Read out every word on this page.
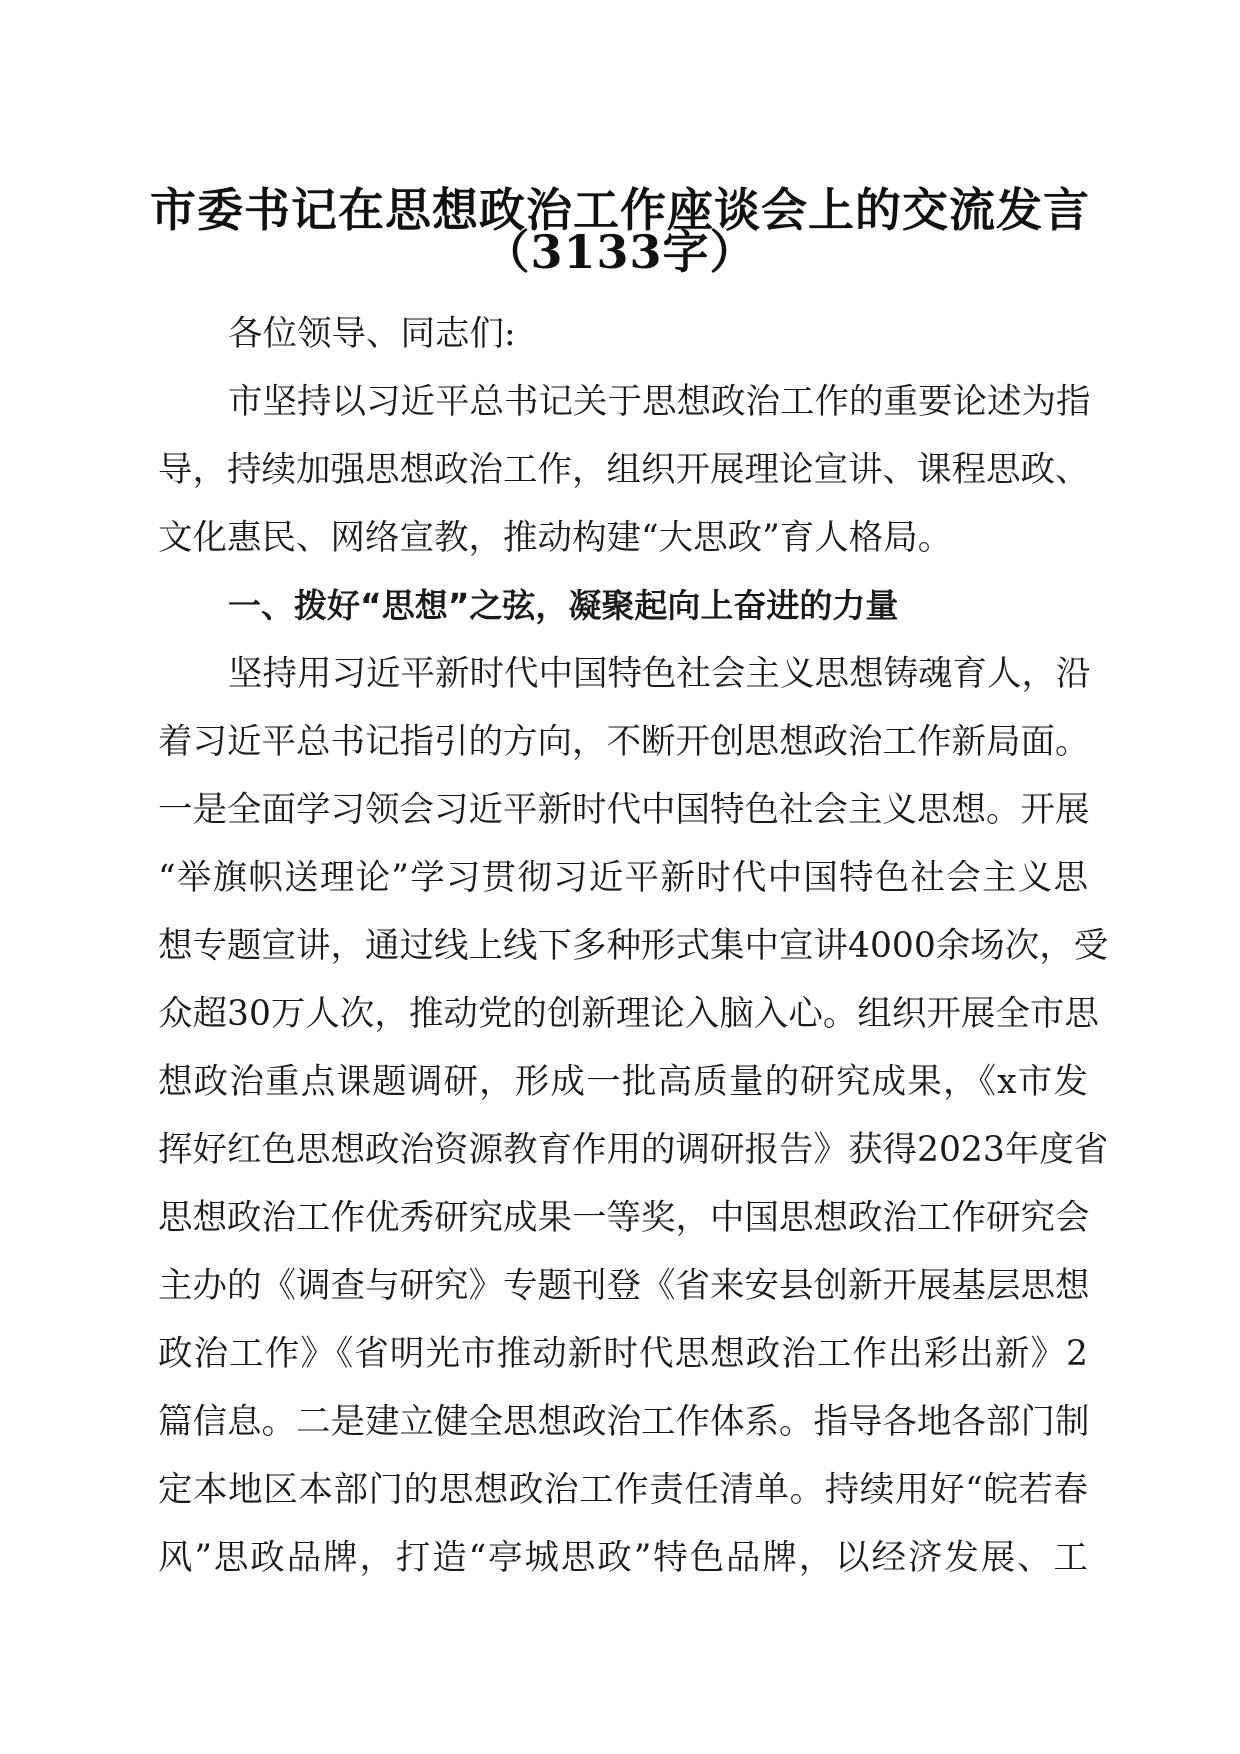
市委书记在思想政治工作座谈会上的交流发言
（3133字）
各位领导、同志们:
市坚持以习近平总书记关于思想政治工作的重要论述为指
导，持续加强思想政治工作，组织开展理论宣讲、课程思政、
文化惠民、网络宣教，推动构建“大思政”育人格局。
一、拨好“思想”之弦，凝聚起向上奋进的力量
坚持用习近平新时代中国特色社会主义思想铸魂育人，沿
着习近平总书记指引的方向，不断开创思想政治工作新局面。
一是全面学习领会习近平新时代中国特色社会主义思想。开展
“举旗帜送理论”学习贯彻习近平新时代中国特色社会主义思
想专题宣讲，通过线上线下多种形式集中宣讲4000余场次，受
众超30万人次，推动党的创新理论入脑入心。组织开展全市思
想政治重点课题调研，形成一批高质量的研究成果，《x市发
挥好红色思想政治资源教育作用的调研报告》获得2023年度省
思想政治工作优秀研究成果一等奖，中国思想政治工作研究会
主办的《调查与研究》专题刊登《省来安县创新开展基层思想
政治工作》《省明光市推动新时代思想政治工作出彩出新》2
篇信息。二是建立健全思想政治工作体系。指导各地各部门制
定本地区本部门的思想政治工作责任清单。持续用好“皖若春
风”思政品牌，打造“亭城思政”特色品牌，以经济发展、工
